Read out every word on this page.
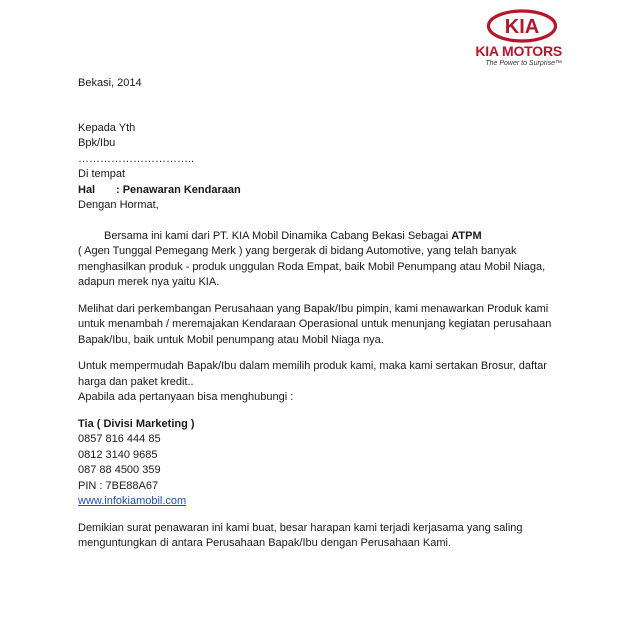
KIA
KIA MOTORS
The Power to Surprise™

Bekasi, 2014

Kepada Yth

Bpk/Ibu

…………………………..

Di tempat

Hal : Penawaran Kendaraan

Dengan Hormat,

Bersama ini kami dari PT. KIA Mobil Dinamika Cabang Bekasi Sebagai ATPM

( Agen Tunggal Pemegang Merk ) yang bergerak di bidang Automotive, yang telah banyak

menghasilkan produk - produk unggulan Roda Empat, baik Mobil Penumpang atau Mobil Niaga,

adapun merek nya yaitu KIA.

Melihat dari perkembangan Perusahaan yang Bapak/Ibu pimpin, kami menawarkan Produk kami

untuk menambah / meremajakan Kendaraan Operasional untuk menunjang kegiatan perusahaan

Bapak/Ibu, baik untuk Mobil penumpang atau Mobil Niaga nya.

Untuk mempermudah Bapak/Ibu dalam memilih produk kami, maka kami sertakan Brosur, daftar

harga dan paket kredit..

Apabila ada pertanyaan bisa menghubungi :

Tia ( Divisi Marketing )

0857 816 444 85

0812 3140 9685

087 88 4500 359

PIN : 7BE88A67

www.infokiamobil.com

Demikian surat penawaran ini kami buat, besar harapan kami terjadi kerjasama yang saling

menguntungkan di antara Perusahaan Bapak/Ibu dengan Perusahaan Kami.
